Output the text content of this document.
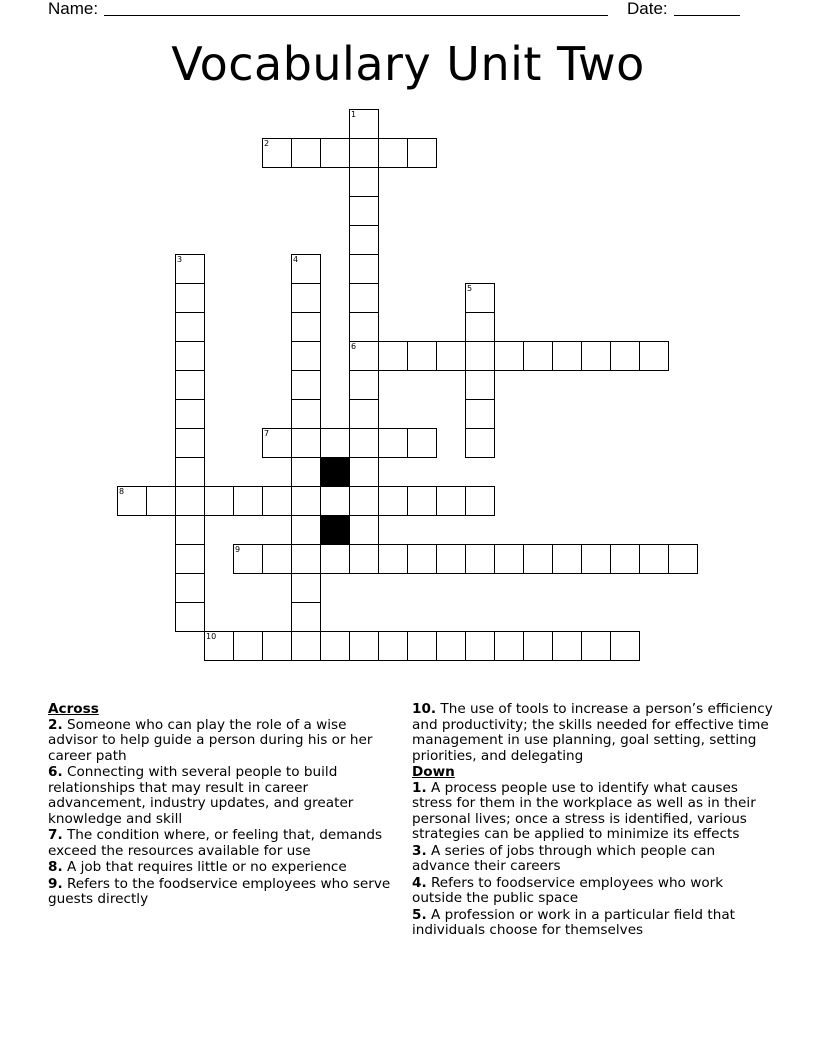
Name:	Date:
Vocabulary Unit Two
1
2
3	4
5
6
7
8
9
10
Across
2. Someone who can play the role of a wise advisor to help guide a person during his or her career path
6. Connecting with several people to build relationships that may result in career advancement, industry updates, and greater knowledge and skill
7. The condition where, or feeling that, demands exceed the resources available for use
8. A job that requires little or no experience
9. Refers to the foodservice employees who serve guests directly
10. The use of tools to increase a person’s efficiency and productivity; the skills needed for effective time management in use planning, goal setting, setting priorities, and delegating
Down
1. A process people use to identify what causes stress for them in the workplace as well as in their personal lives; once a stress is identified, various strategies can be applied to minimize its effects
3. A series of jobs through which people can advance their careers
4. Refers to foodservice employees who work outside the public space
5. A profession or work in a particular field that individuals choose for themselves
